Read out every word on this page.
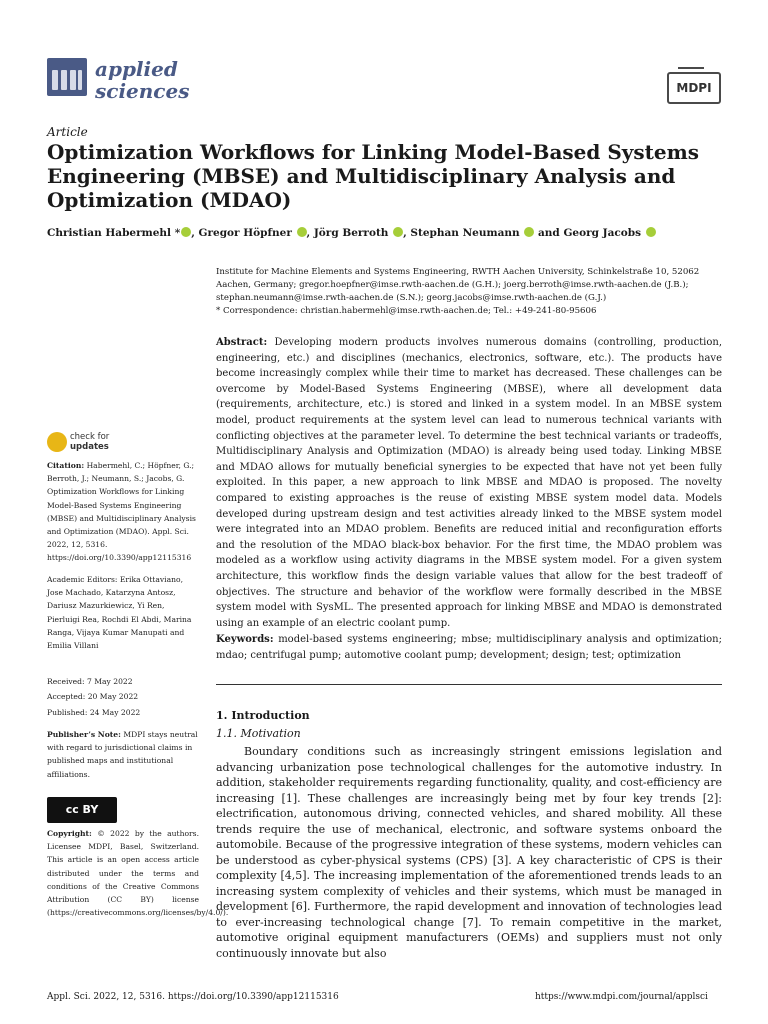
applied
sciences	MDPI
Article
Optimization Workflows for Linking Model-Based Systems Engineering (MBSE) and Multidisciplinary Analysis and Optimization (MDAO)
Christian Habermehl * , Gregor Höpfner , Jörg Berroth , Stephan Neumann  and Georg Jacobs
Institute for Machine Elements and Systems Engineering, RWTH Aachen University, Schinkelstraße 10, 52062 Aachen, Germany; gregor.hoepfner@imse.rwth-aachen.de (G.H.); joerg.berroth@imse.rwth-aachen.de (J.B.); stephan.neumann@imse.rwth-aachen.de (S.N.); georg.jacobs@imse.rwth-aachen.de (G.J.)
* Correspondence: christian.habermehl@imse.rwth-aachen.de; Tel.: +49-241-80-95606
Abstract: Developing modern products involves numerous domains (controlling, production, engineering, etc.) and disciplines (mechanics, electronics, software, etc.). The products have become increasingly complex while their time to market has decreased. These challenges can be overcome by Model-Based Systems Engineering (MBSE), where all development data (requirements, architecture, etc.) is stored and linked in a system model. In an MBSE system model, product requirements at the system level can lead to numerous technical variants with conflicting objectives at the parameter level. To determine the best technical variants or tradeoffs, Multidisciplinary Analysis and Optimization (MDAO) is already being used today. Linking MBSE and MDAO allows for mutually beneficial synergies to be expected that have not yet been fully exploited. In this paper, a new approach to link MBSE and MDAO is proposed. The novelty compared to existing approaches is the reuse of existing MBSE system model data. Models developed during upstream design and test activities already linked to the MBSE system model were integrated into an MDAO problem. Benefits are reduced initial and reconfiguration efforts and the resolution of the MDAO black-box behavior. For the first time, the MDAO problem was modeled as a workflow using activity diagrams in the MBSE system model. For a given system architecture, this workflow finds the design variable values that allow for the best tradeoff of objectives. The structure and behavior of the workflow were formally described in the MBSE system model with SysML. The presented approach for linking MBSE and MDAO is demonstrated using an example of an electric coolant pump.
Keywords: model-based systems engineering; mbse; multidisciplinary analysis and optimization; mdao; centrifugal pump; automotive coolant pump; development; design; test; optimization
check for
updates
Citation: Habermehl, C.; Höpfner, G.; Berroth, J.; Neumann, S.; Jacobs, G. Optimization Workflows for Linking Model-Based Systems Engineering (MBSE) and Multidisciplinary Analysis and Optimization (MDAO). Appl. Sci. 2022, 12, 5316. https://doi.org/10.3390/app12115316
Academic Editors: Erika Ottaviano, Jose Machado, Katarzyna Antosz, Dariusz Mazurkiewicz, Yi Ren, Pierluigi Rea, Rochdi El Abdi, Marina Ranga, Vijaya Kumar Manupati and Emilia Villani
Received: 7 May 2022
Accepted: 20 May 2022
Published: 24 May 2022
Publisher’s Note: MDPI stays neutral with regard to jurisdictional claims in published maps and institutional affiliations.
cc BY
Copyright: © 2022 by the authors. Licensee MDPI, Basel, Switzerland. This article is an open access article distributed under the terms and conditions of the Creative Commons Attribution (CC BY) license (https://creativecommons.org/licenses/by/4.0/).
1. Introduction
1.1. Motivation
Boundary conditions such as increasingly stringent emissions legislation and advancing urbanization pose technological challenges for the automotive industry. In addition, stakeholder requirements regarding functionality, quality, and cost-efficiency are increasing [1]. These challenges are increasingly being met by four key trends [2]: electrification, autonomous driving, connected vehicles, and shared mobility. All these trends require the use of mechanical, electronic, and software systems onboard the automobile. Because of the progressive integration of these systems, modern vehicles can be understood as cyber-physical systems (CPS) [3]. A key characteristic of CPS is their complexity [4,5]. The increasing implementation of the aforementioned trends leads to an increasing system complexity of vehicles and their systems, which must be managed in development [6]. Furthermore, the rapid development and innovation of technologies lead to ever-increasing technological change [7]. To remain competitive in the market, automotive original equipment manufacturers (OEMs) and suppliers must not only continuously innovate but also
Appl. Sci. 2022, 12, 5316. https://doi.org/10.3390/app12115316	https://www.mdpi.com/journal/applsci
